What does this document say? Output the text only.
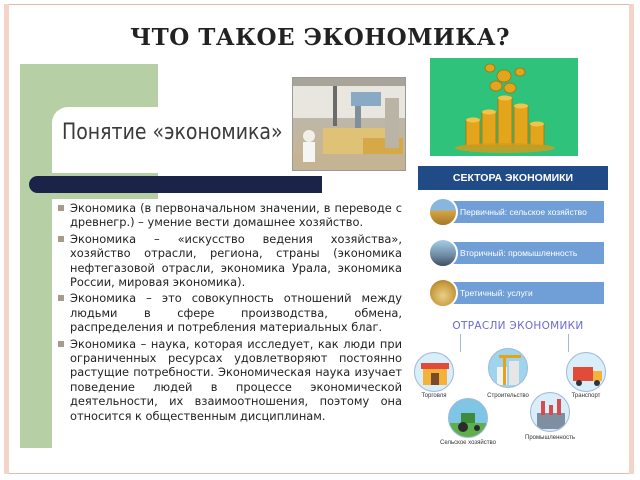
ЧТО ТАКОЕ ЭКОНОМИКА?
Понятие «экономика»
Экономика (в первоначальном значении, в переводе с древнегр.) – умение вести домашнее хозяйство.
Экономика – «искусство ведения хозяйства», хозяйство отрасли, региона, страны (экономика нефтегазовой отрасли, экономика Урала, экономика России, мировая экономика).
Экономика – это совокупность отношений между людьми в сфере производства, обмена, распределения и потребления материальных благ.
Экономика – наука, которая исследует, как люди при ограниченных ресурсах удовлетворяют постоянно растущие потребности. Экономическая наука изучает поведение людей в процессе экономической деятельности, их взаимоотношения, поэтому она относится к общественным дисциплинам.
СЕКТОРА ЭКОНОМИКИ
Первичный: сельское хозяйство
Вторичный: промышленность
Третичный: услуги
ОТРАСЛИ ЭКОНОМИКИ
Торговля	Строительство	Транспорт
Сельское хозяйство
Промышленность
